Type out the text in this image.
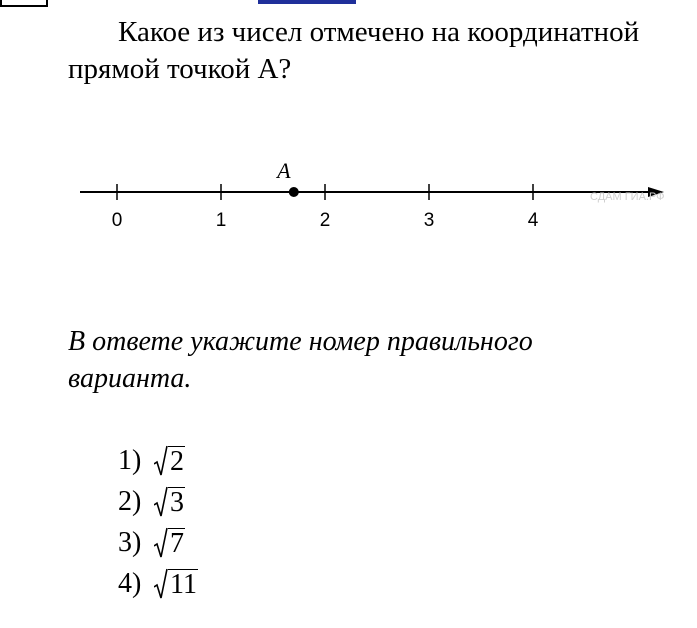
Какое из чисел отмечено на координатной прямой точкой A?
СДАМ ГИА.РФ
0	1	2	3	4
A
В ответе укажите номер правильного варианта.
1)	2
2)	3
3)	7
4)	11
